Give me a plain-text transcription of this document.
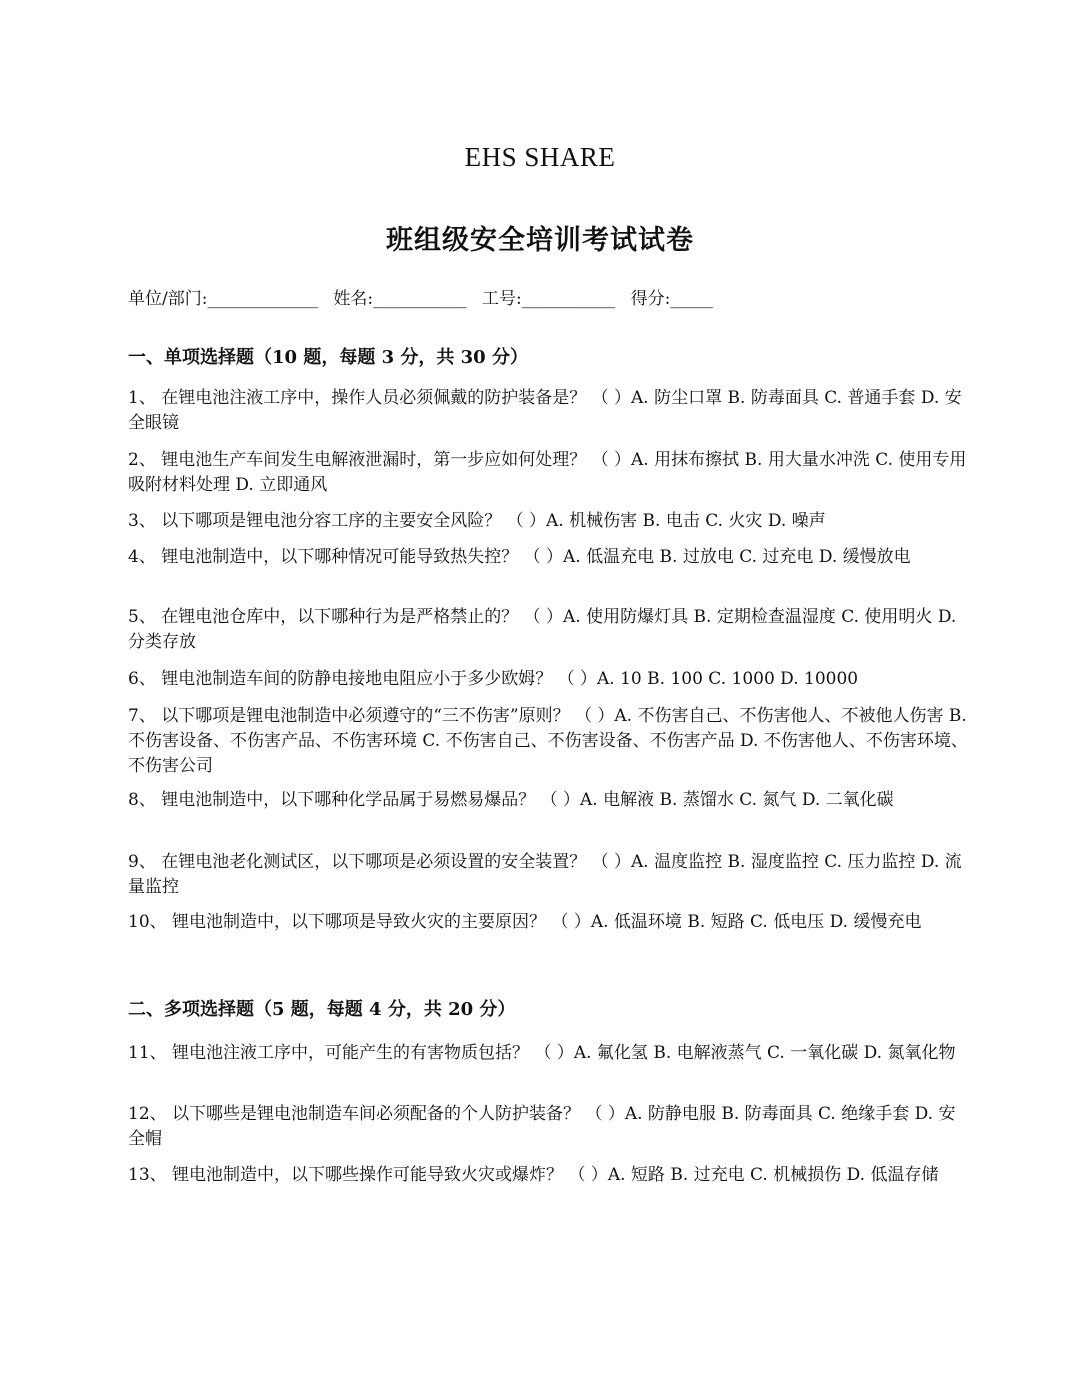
EHS SHARE
班组级安全培训考试试卷
单位/部门:_____________ 姓名:___________ 工号:___________ 得分:_____
一、单项选择题（10 题，每题 3 分，共 30 分）
1、 在锂电池注液工序中，操作人员必须佩戴的防护装备是？ （ ）A. 防尘口罩 B. 防毒面具 C. 普通手套 D. 安全眼镜
2、 锂电池生产车间发生电解液泄漏时，第一步应如何处理？ （ ）A. 用抹布擦拭 B. 用大量水冲洗 C. 使用专用吸附材料处理 D. 立即通风
3、 以下哪项是锂电池分容工序的主要安全风险？ （ ）A. 机械伤害 B. 电击 C. 火灾 D. 噪声
4、 锂电池制造中，以下哪种情况可能导致热失控？ （ ）A. 低温充电 B. 过放电 C. 过充电 D. 缓慢放电
5、 在锂电池仓库中，以下哪种行为是严格禁止的？ （ ）A. 使用防爆灯具 B. 定期检查温湿度 C. 使用明火 D. 分类存放
6、 锂电池制造车间的防静电接地电阻应小于多少欧姆？ （ ）A. 10 B. 100 C. 1000 D. 10000
7、 以下哪项是锂电池制造中必须遵守的“三不伤害”原则？ （ ）A. 不伤害自己、不伤害他人、不被他人伤害 B. 不伤害设备、不伤害产品、不伤害环境 C. 不伤害自己、不伤害设备、不伤害产品 D. 不伤害他人、不伤害环境、不伤害公司
8、 锂电池制造中，以下哪种化学品属于易燃易爆品？ （ ）A. 电解液 B. 蒸馏水 C. 氮气 D. 二氧化碳
9、 在锂电池老化测试区，以下哪项是必须设置的安全装置？ （ ）A. 温度监控 B. 湿度监控 C. 压力监控 D. 流量监控
10、 锂电池制造中，以下哪项是导致火灾的主要原因？ （ ）A. 低温环境 B. 短路 C. 低电压 D. 缓慢充电
二、多项选择题（5 题，每题 4 分，共 20 分）
11、 锂电池注液工序中，可能产生的有害物质包括？ （ ）A. 氟化氢 B. 电解液蒸气 C. 一氧化碳 D. 氮氧化物
12、 以下哪些是锂电池制造车间必须配备的个人防护装备？ （ ）A. 防静电服 B. 防毒面具 C. 绝缘手套 D. 安全帽
13、 锂电池制造中，以下哪些操作可能导致火灾或爆炸？ （ ）A. 短路 B. 过充电 C. 机械损伤 D. 低温存储
